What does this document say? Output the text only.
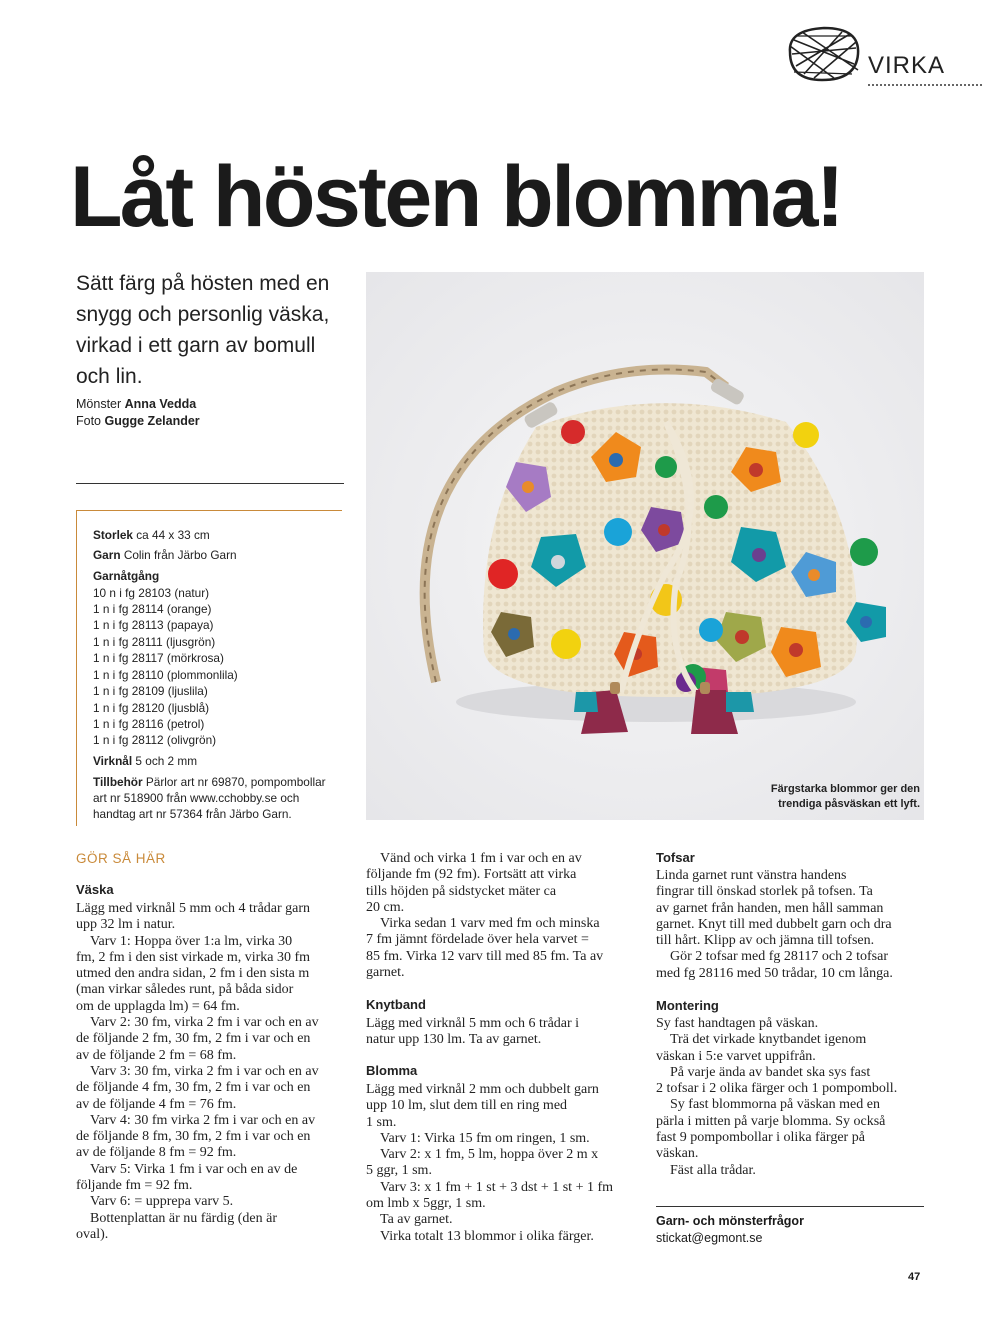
VIRKA
Låt hösten blomma!
Sätt färg på hösten med en snygg och personlig väska, virkad i ett garn av bomull och lin.
Mönster Anna Vedda
Foto Gugge Zelander
Storlek ca 44 x 33 cm
Garn Colin från Järbo Garn
Garnåtgång
10 n i fg 28103 (natur)
1 n i fg 28114 (orange)
1 n i fg 28113 (papaya)
1 n i fg 28111 (ljusgrön)
1 n i fg 28117 (mörkrosa)
1 n i fg 28110 (plommonlila)
1 n i fg 28109 (ljuslila)
1 n i fg 28120 (ljusblå)
1 n i fg 28116 (petrol)
1 n i fg 28112 (olivgrön)
Virknål 5 och 2 mm
Tillbehör Pärlor art nr 69870, pompombollar
art nr 518900 från www.cchobby.se och
handtag art nr 57364 från Järbo Garn.
Färgstarka blommor ger den
trendiga påsväskan ett lyft.
GÖR SÅ HÄR
Väska

Lägg med virknål 5 mm och 4 trådar garn

upp 32 lm i natur.

Varv 1: Hoppa över 1:a lm, virka 30

fm, 2 fm i den sist virkade m, virka 30 fm

utmed den andra sidan, 2 fm i den sista m

(man virkar således runt, på båda sidor

om de upplagda lm) = 64 fm.

Varv 2: 30 fm, virka 2 fm i var och en av

de följande 2 fm, 30 fm, 2 fm i var och en

av de följande 2 fm = 68 fm.

Varv 3: 30 fm, virka 2 fm i var och en av

de följande 4 fm, 30 fm, 2 fm i var och en

av de följande 4 fm = 76 fm.

Varv 4: 30 fm virka 2 fm i var och en av

de följande 8 fm, 30 fm, 2 fm i var och en

av de följande 8 fm = 92 fm.

Varv 5: Virka 1 fm i var och en av de

följande fm = 92 fm.

Varv 6: = upprepa varv 5.

Bottenplattan är nu färdig (den är

oval).

Vänd och virka 1 fm i var och en av

följande fm (92 fm). Fortsätt att virka

tills höjden på sidstycket mäter ca

20 cm.

Virka sedan 1 varv med fm och minska

7 fm jämnt fördelade över hela varvet =

85 fm. Virka 12 varv till med 85 fm. Ta av

garnet.

Knytband

Lägg med virknål 5 mm och 6 trådar i

natur upp 130 lm. Ta av garnet.

Blomma

Lägg med virknål 2 mm och dubbelt garn

upp 10 lm, slut dem till en ring med

1 sm.

Varv 1: Virka 15 fm om ringen, 1 sm.

Varv 2: x 1 fm, 5 lm, hoppa över 2 m x

5 ggr, 1 sm.

Varv 3: x 1 fm + 1 st + 3 dst + 1 st + 1 fm

om lmb x 5ggr, 1 sm.

Ta av garnet.

Virka totalt 13 blommor i olika färger.

Tofsar

Linda garnet runt vänstra handens

fingrar till önskad storlek på tofsen. Ta

av garnet från handen, men håll samman

garnet. Knyt till med dubbelt garn och dra

till hårt. Klipp av och jämna till tofsen.

Gör 2 tofsar med fg 28117 och 2 tofsar

med fg 28116 med 50 trådar, 10 cm långa.

Montering

Sy fast handtagen på väskan.

Trä det virkade knytbandet igenom

väskan i 5:e varvet uppifrån.

På varje ända av bandet ska sys fast

2 tofsar i 2 olika färger och 1 pompomboll.

Sy fast blommorna på väskan med en

pärla i mitten på varje blomma. Sy också

fast 9 pompombollar i olika färger på

väskan.

Fäst alla trådar.

Garn- och mönsterfrågor
stickat@egmont.se
47
